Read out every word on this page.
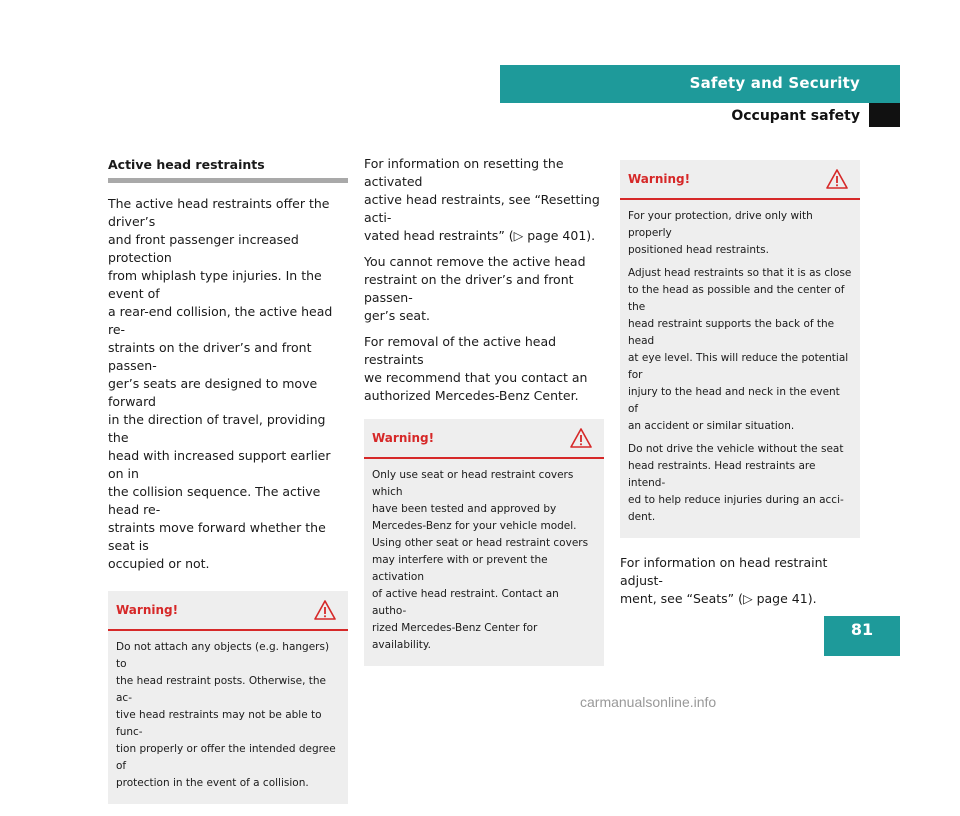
Safety and Security
Occupant safety
Active head restraints

The active head restraints offer the driver’s
and front passenger increased protection
from whiplash type injuries. In the event of
a rear-end collision, the active head re-
straints on the driver’s and front passen-
ger’s seats are designed to move forward
in the direction of travel, providing the
head with increased support earlier on in
the collision sequence. The active head re-
straints move forward whether the seat is
occupied or not.

Warning!

Do not attach any objects (e.g. hangers) to
the head restraint posts. Otherwise, the ac-
tive head restraints may not be able to func-
tion properly or offer the intended degree of
protection in the event of a collision.

For information on resetting the activated
active head restraints, see “Resetting acti-
vated head restraints” (▷ page 401).

You cannot remove the active head
restraint on the driver’s and front passen-
ger’s seat.

For removal of the active head restraints
we recommend that you contact an
authorized Mercedes-Benz Center.

Warning!

Only use seat or head restraint covers which
have been tested and approved by
Mercedes-Benz for your vehicle model.
Using other seat or head restraint covers
may interfere with or prevent the activation
of active head restraint. Contact an autho-
rized Mercedes-Benz Center for availability.

Warning!

For your protection, drive only with properly
positioned head restraints.

Adjust head restraints so that it is as close
to the head as possible and the center of the
head restraint supports the back of the head
at eye level. This will reduce the potential for
injury to the head and neck in the event of
an accident or similar situation.

Do not drive the vehicle without the seat
head restraints. Head restraints are intend-
ed to help reduce injuries during an acci-
dent.

For information on head restraint adjust-
ment, see “Seats” (▷ page 41).

81
carmanualsonline.info
